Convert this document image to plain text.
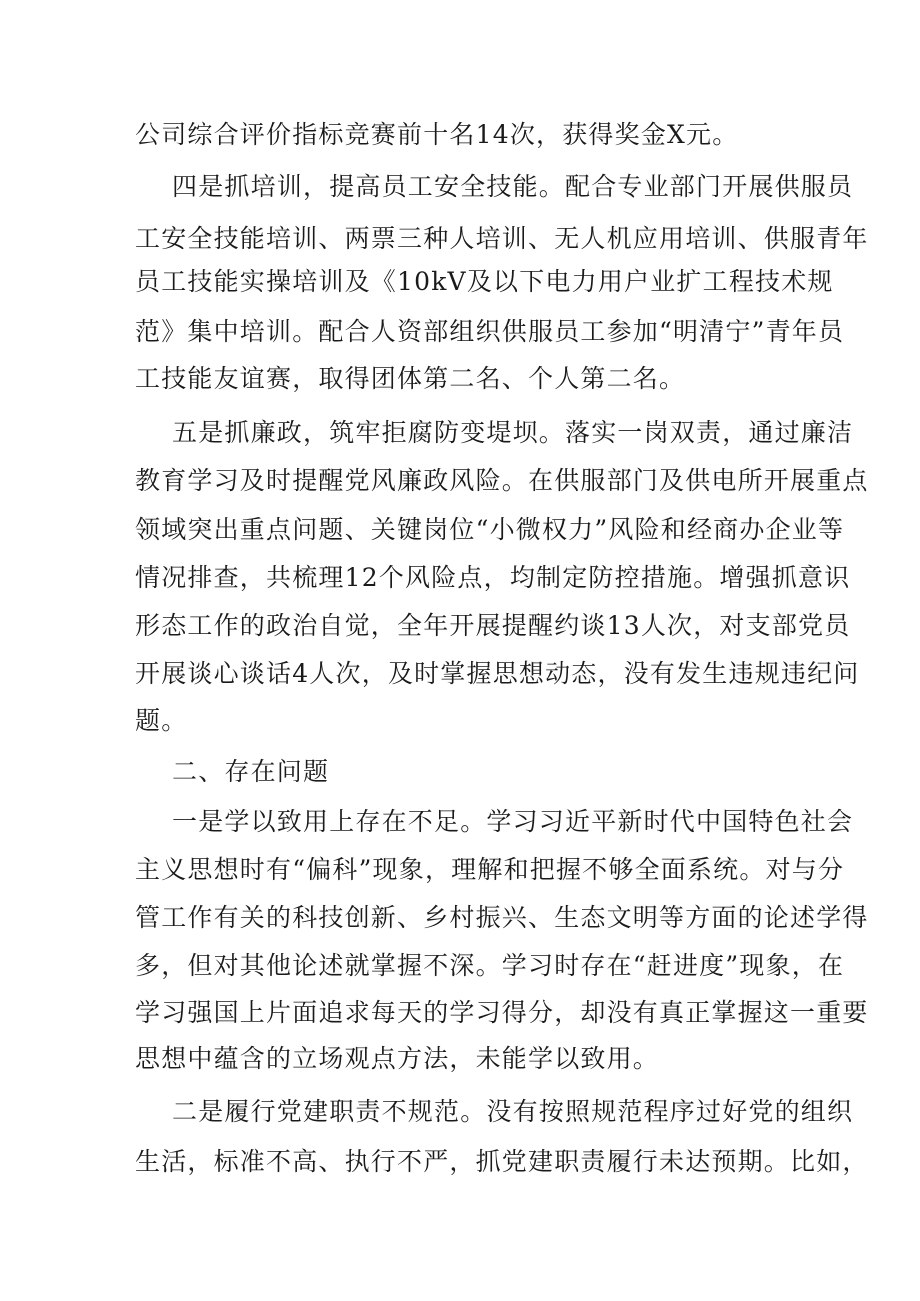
公司综合评价指标竞赛前十名14次，获得奖金X元。
四是抓培训，提高员工安全技能。配合专业部门开展供服员
工安全技能培训、两票三种人培训、无人机应用培训、供服青年
员工技能实操培训及《10kV及以下电力用户业扩工程技术规
范》集中培训。配合人资部组织供服员工参加“明清宁”青年员
工技能友谊赛，取得团体第二名、个人第二名。
五是抓廉政，筑牢拒腐防变堤坝。落实一岗双责，通过廉洁
教育学习及时提醒党风廉政风险。在供服部门及供电所开展重点
领域突出重点问题、关键岗位“小微权力”风险和经商办企业等
情况排查，共梳理12个风险点，均制定防控措施。增强抓意识
形态工作的政治自觉，全年开展提醒约谈13人次，对支部党员
开展谈心谈话4人次，及时掌握思想动态，没有发生违规违纪问
题。
二、存在问题
一是学以致用上存在不足。学习习近平新时代中国特色社会
主义思想时有“偏科”现象，理解和把握不够全面系统。对与分
管工作有关的科技创新、乡村振兴、生态文明等方面的论述学得
多，但对其他论述就掌握不深。学习时存在“赶进度”现象，在
学习强国上片面追求每天的学习得分，却没有真正掌握这一重要
思想中蕴含的立场观点方法，未能学以致用。
二是履行党建职责不规范。没有按照规范程序过好党的组织
生活，标准不高、执行不严，抓党建职责履行未达预期。比如，
